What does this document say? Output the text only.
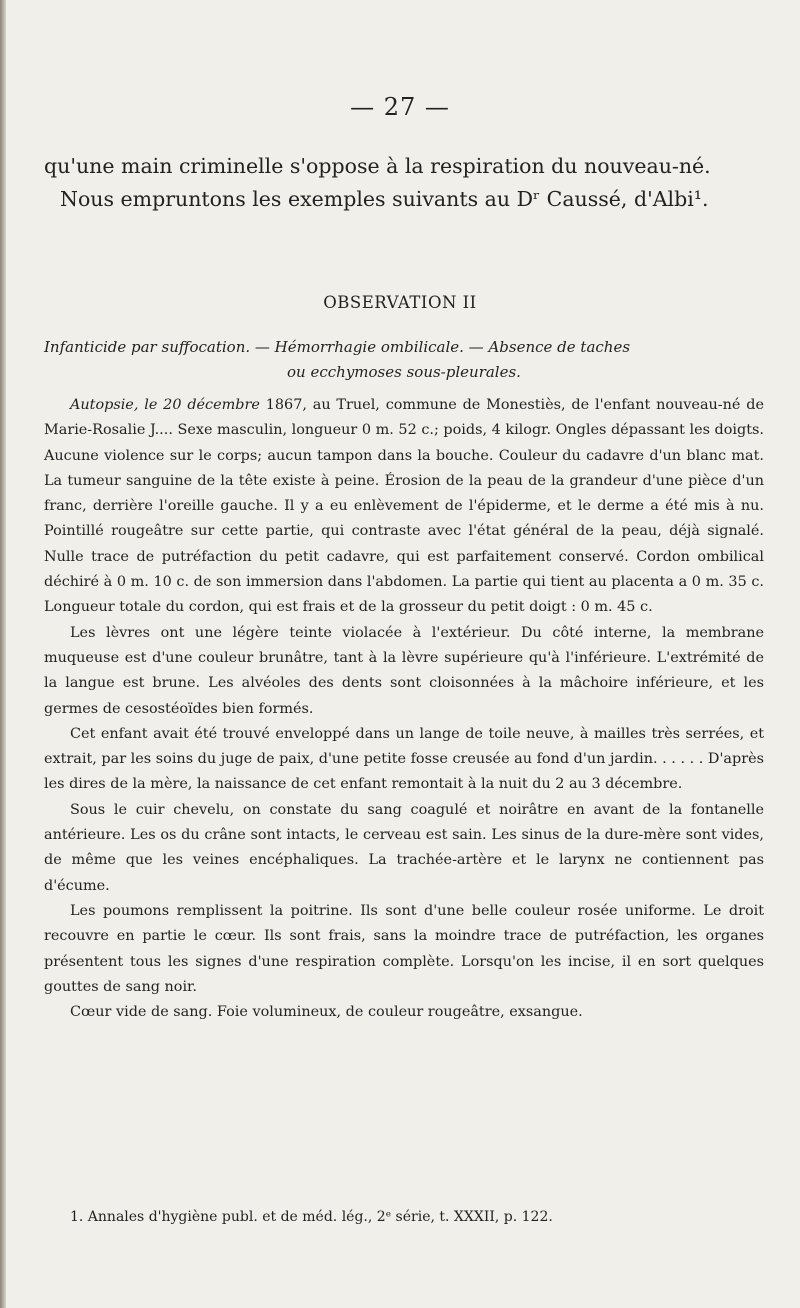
— 27 —

qu'une main criminelle s'oppose à la respiration du nouveau-né.

Nous empruntons les exemples suivants au Dʳ Caussé, d'Albi¹.

OBSERVATION II
Infanticide par suffocation. — Hémorrhagie ombilicale. — Absence de taches
ou ecchymoses sous-pleurales.

Autopsie, le 20 décembre 1867, au Truel, commune de Monestiès, de l'enfant nouveau-né de Marie-Rosalie J.... Sexe masculin, longueur 0 m. 52 c.; poids, 4 kilogr. Ongles dépassant les doigts. Aucune violence sur le corps; aucun tampon dans la bouche. Couleur du cadavre d'un blanc mat. La tumeur sanguine de la tête existe à peine. Érosion de la peau de la grandeur d'une pièce d'un franc, derrière l'oreille gauche. Il y a eu enlèvement de l'épiderme, et le derme a été mis à nu. Pointillé rougeâtre sur cette partie, qui contraste avec l'état général de la peau, déjà signalé. Nulle trace de putréfaction du petit cadavre, qui est parfaitement conservé. Cordon ombilical déchiré à 0 m. 10 c. de son immersion dans l'abdomen. La partie qui tient au placenta a 0 m. 35 c. Longueur totale du cordon, qui est frais et de la grosseur du petit doigt : 0 m. 45 c.

Les lèvres ont une légère teinte violacée à l'extérieur. Du côté interne, la membrane muqueuse est d'une couleur brunâtre, tant à la lèvre supérieure qu'à l'inférieure. L'extrémité de la langue est brune. Les alvéoles des dents sont cloisonnées à la mâchoire inférieure, et les germes de cesostéoïdes bien formés.

Cet enfant avait été trouvé enveloppé dans un lange de toile neuve, à mailles très serrées, et extrait, par les soins du juge de paix, d'une petite fosse creusée au fond d'un jardin. . . . . . D'après les dires de la mère, la naissance de cet enfant remontait à la nuit du 2 au 3 décembre.

Sous le cuir chevelu, on constate du sang coagulé et noirâtre en avant de la fontanelle antérieure. Les os du crâne sont intacts, le cerveau est sain. Les sinus de la dure-mère sont vides, de même que les veines encéphaliques. La trachée-artère et le larynx ne contiennent pas d'écume.

Les poumons remplissent la poitrine. Ils sont d'une belle couleur rosée uniforme. Le droit recouvre en partie le cœur. Ils sont frais, sans la moindre trace de putréfaction, les organes présentent tous les signes d'une respiration complète. Lorsqu'on les incise, il en sort quelques gouttes de sang noir.

Cœur vide de sang. Foie volumineux, de couleur rougeâtre, exsangue.

1. Annales d'hygiène publ. et de méd. lég., 2ᵉ série, t. XXXII, p. 122.
